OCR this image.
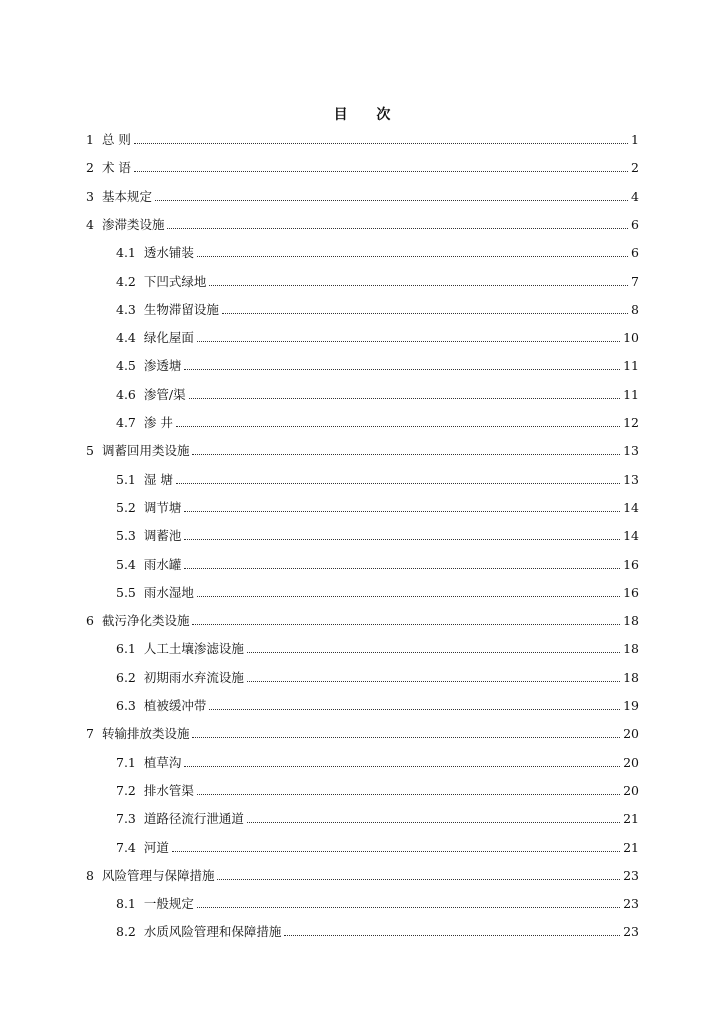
目 次
1 总 则	1
2 术 语	2
3 基本规定	4
4 渗滞类设施	6
4.1 透水铺装	6
4.2 下凹式绿地	7
4.3 生物滞留设施	8
4.4 绿化屋面	10
4.5 渗透塘	11
4.6 渗管/渠	11
4.7 渗 井	12
5 调蓄回用类设施	13
5.1 湿 塘	13
5.2 调节塘	14
5.3 调蓄池	14
5.4 雨水罐	16
5.5 雨水湿地	16
6 截污净化类设施	18
6.1 人工土壤渗滤设施	18
6.2 初期雨水弃流设施	18
6.3 植被缓冲带	19
7 转输排放类设施	20
7.1 植草沟	20
7.2 排水管渠	20
7.3 道路径流行泄通道	21
7.4 河道	21
8 风险管理与保障措施	23
8.1 一般规定	23
8.2 水质风险管理和保障措施	23
